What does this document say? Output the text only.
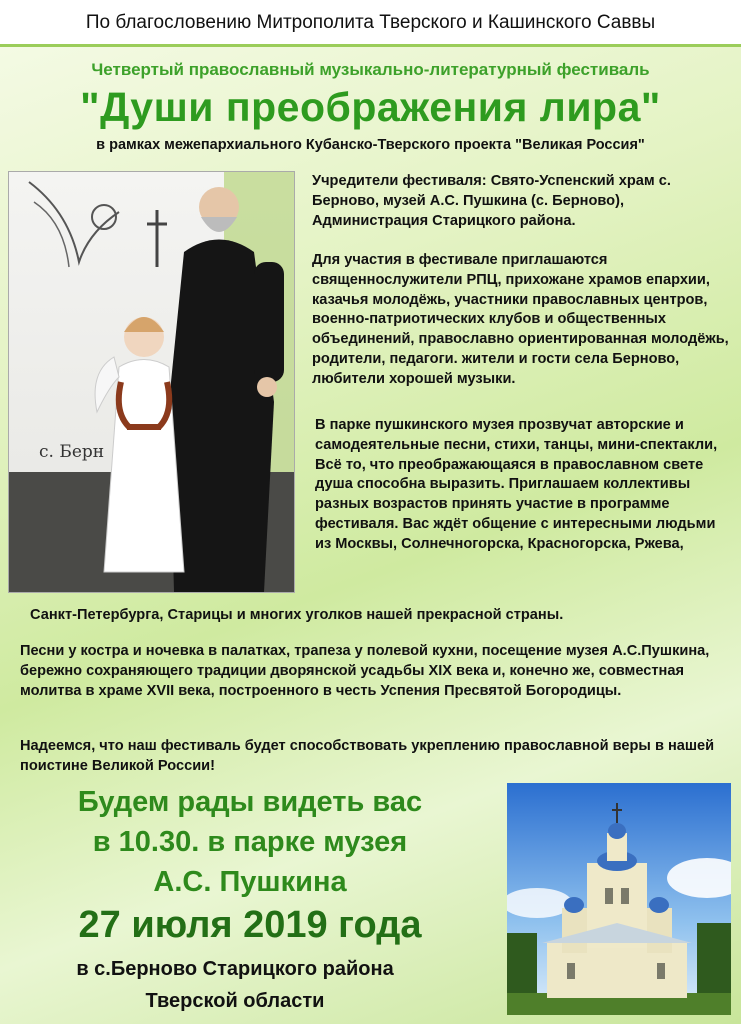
По благословению Митрополита Тверского и Кашинского Саввы
Четвертый православный музыкально-литературный фестиваль
"Души преображения лира"
в рамках межепархиального Кубанско-Тверского проекта "Великая Россия"
с. Берн
Учредители фестиваля: Свято-Успенский храм с. Берново, музей А.С. Пушкина (с. Берново), Администрация Старицкого района.
Для участия в фестивале приглашаются священнослужители РПЦ, прихожане храмов епархии, казачья молодёжь, участники православных центров, военно-патриотических клубов и общественных объединений, православно ориентированная молодёжь, родители, педагоги. жители и гости села Берново, любители хорошей музыки.
В парке пушкинского музея прозвучат авторские и самодеятельные песни, стихи, танцы, мини-спектакли, Всё то, что преображающаяся в православном свете душа способна выразить. Приглашаем коллективы разных возрастов принять участие в программе фестиваля. Вас ждёт общение с интересными людьми из Москвы, Солнечногорска, Красногорска, Ржева,
Санкт-Петербурга, Старицы и многих уголков нашей прекрасной страны.
Песни у костра и ночевка в палатках, трапеза у полевой кухни, посещение музея А.С.Пушкина, бережно сохраняющего традиции дворянской усадьбы XIX века и, конечно же, совместная молитва в храме XVII века, построенного в честь Успения Пресвятой Богородицы.
Надеемся, что наш фестиваль будет способствовать укреплению православной веры в нашей поистине Великой России!
Будем рады видеть вас
в 10.30. в парке музея
А.С. Пушкина
27 июля 2019 года
в с.Берново Старицкого района
Тверской области
